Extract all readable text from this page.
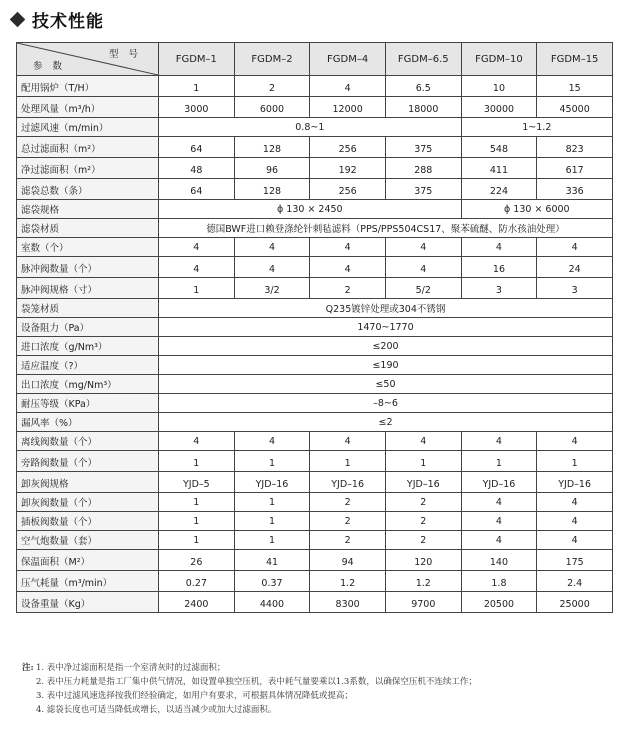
技术性能
型号
参数	FGDM–1	FGDM–2	FGDM–4	FGDM–6.5	FGDM–10	FGDM–15
配用锅炉（T/H）	1	2	4	6.5	10	15
处理风量（m³/h）	3000	6000	12000	18000	30000	45000
过滤风速（m/min）	0.8~1				1~1.2	
总过滤面积（m²）	64	128	256	375	548	823
净过滤面积（m²）	48	96	192	288	411	617
滤袋总数（条）	64	128	256	375	224	336
滤袋规格	ϕ 130 × 2450				ϕ 130 × 6000	
滤袋材质	德国BWF进口赖登涤纶针刺毡滤料（PPS/PPS504CS17、聚苯硫醚、防水孩油处理）					
室数（个）	4	4	4	4	4	4
脉冲阀数量（个）	4	4	4	4	16	24
脉冲阀规格（寸）	1	3/2	2	5/2	3	3
袋笼材质	Q235镀锌处理或304不锈钢					
设备阻力（Pa）	1470~1770					
进口浓度（g/Nm³）	≤200					
适应温度（?）	≤190					
出口浓度（mg/Nm³）	≤50					
耐压等级（KPa）	–8~6					
漏风率（%）	≤2					
离线阀数量（个）	4	4	4	4	4	4
旁路阀数量（个）	1	1	1	1	1	1
卸灰阀规格	YJD–5	YJD–16	YJD–16	YJD–16	YJD–16	YJD–16
卸灰阀数量（个）	1	1	2	2	4	4
插板阀数量（个）	1	1	2	2	4	4
空气炮数量（套）	1	1	2	2	4	4
保温面积（M²）	26	41	94	120	140	175
压气耗量（m³/min）	0.27	0.37	1.2	1.2	1.8	2.4
设备重量（Kg）	2400	4400	8300	9700	20500	25000
注: 1. 表中净过滤面积是指一个室清灰时的过滤面积；
2. 表中压力耗量是指工厂集中供气情况，如设置单独空压机，表中耗气量要乘以1.3系数，以确保空压机不连续工作；
3. 表中过滤风速选择按我们经验确定，如用户有要求，可根据具体情况降低或提高；
4. 滤袋长度也可适当降低或增长，以适当减少或加大过滤面积。
